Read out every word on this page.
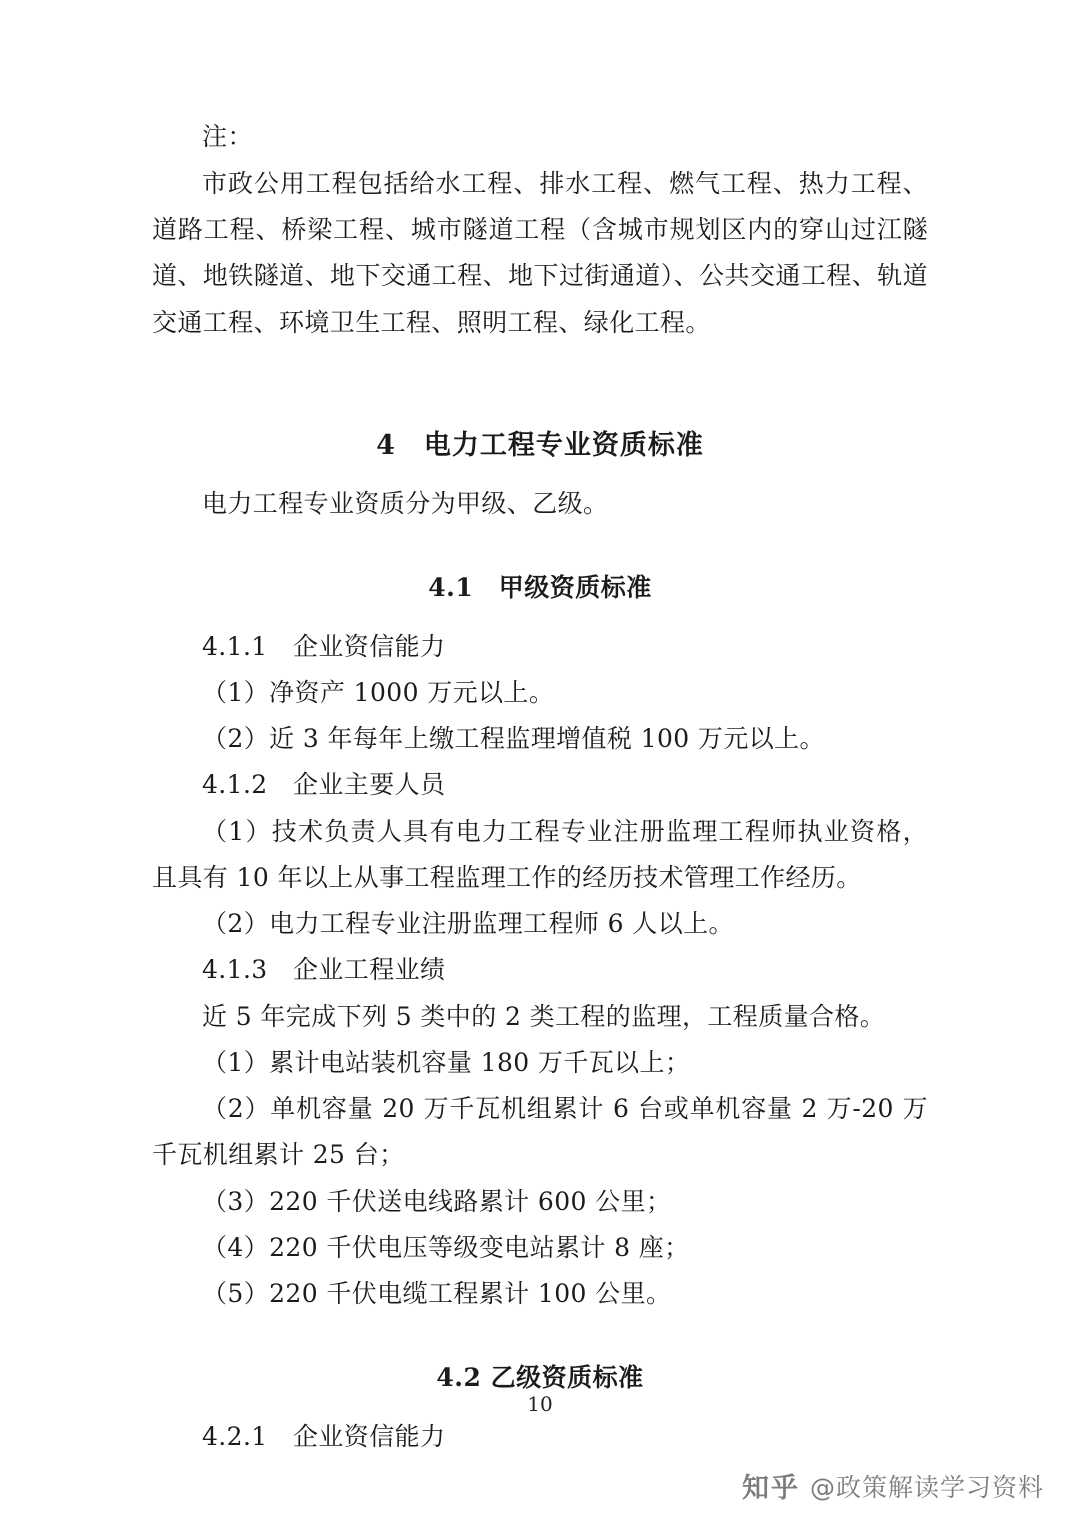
注：

市政公用工程包括给水工程、排水工程、燃气工程、热力工程、道路工程、桥梁工程、城市隧道工程（含城市规划区内的穿山过江隧道、地铁隧道、地下交通工程、地下过街通道）、公共交通工程、轨道交通工程、环境卫生工程、照明工程、绿化工程。

4　电力工程专业资质标准

电力工程专业资质分为甲级、乙级。

4.1　甲级资质标准

4.1.1　企业资信能力

（1）净资产 1000 万元以上。

（2）近 3 年每年上缴工程监理增值税 100 万元以上。

4.1.2　企业主要人员

（1）技术负责人具有电力工程专业注册监理工程师执业资格，且具有 10 年以上从事工程监理工作的经历技术管理工作经历。

（2）电力工程专业注册监理工程师 6 人以上。

4.1.3　企业工程业绩

近 5 年完成下列 5 类中的 2 类工程的监理，工程质量合格。

（1）累计电站装机容量 180 万千瓦以上；

（2）单机容量 20 万千瓦机组累计 6 台或单机容量 2 万-20 万千瓦机组累计 25 台；

（3）220 千伏送电线路累计 600 公里；

（4）220 千伏电压等级变电站累计 8 座；

（5）220 千伏电缆工程累计 100 公里。

4.2 乙级资质标准

4.2.1　企业资信能力

10
知乎 @政策解读学习资料
